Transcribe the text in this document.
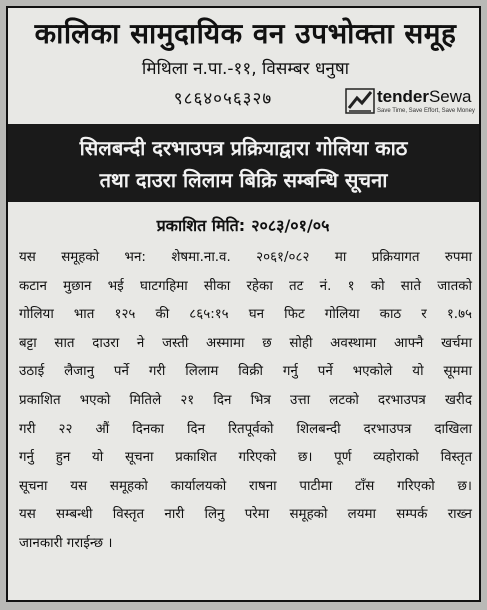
कालिका सामुदायिक वन उपभोक्ता समूह
मिथिला न.पा.-११, विसम्बर धनुषा
९८६४०५६३२७	tenderSewa
Save Time, Save Effort, Save Money
सिलबन्दी दरभाउपत्र प्रक्रियाद्वारा गोलिया काठ
तथा दाउरा लिलाम बिक्रि सम्बन्धि सूचना
प्रकाशित मिति: २०८३/०१/०५
यस समूहको भन: शेषमा.ना.व. २०६१/०८२ मा प्रक्रियागत रुपमा
कटान मुछान भई घाटगहिमा सीका रहेका तट नं. १ को साते जातको
गोलिया भात १२५ की ८६५:१५ घन फिट गोलिया काठ र १.७५
बट्टा सात दाउरा ने जस्ती अस्मामा छ सोही अवस्थामा आफ्नै खर्चमा
उठाई लैजानु पर्ने गरी लिलाम विक्री गर्नु पर्ने भएकोले यो सूममा
प्रकाशित भएको मितिले २१ दिन भित्र उत्ता लटको दरभाउपत्र खरीद
गरी २२ औं दिनका दिन रितपूर्वको शिलबन्दी दरभाउपत्र दाखिला
गर्नु हुन यो सूचना प्रकाशित गरिएको छ। पूर्ण व्यहोराको विस्तृत
सूचना यस समूहको कार्यालयको राषना पाटीमा टाँस गरिएको छ।
यस सम्बन्धी विस्तृत नारी लिनु परेमा समूहको लयमा सम्पर्क राख्न
जानकारी गराईन्छ ।
